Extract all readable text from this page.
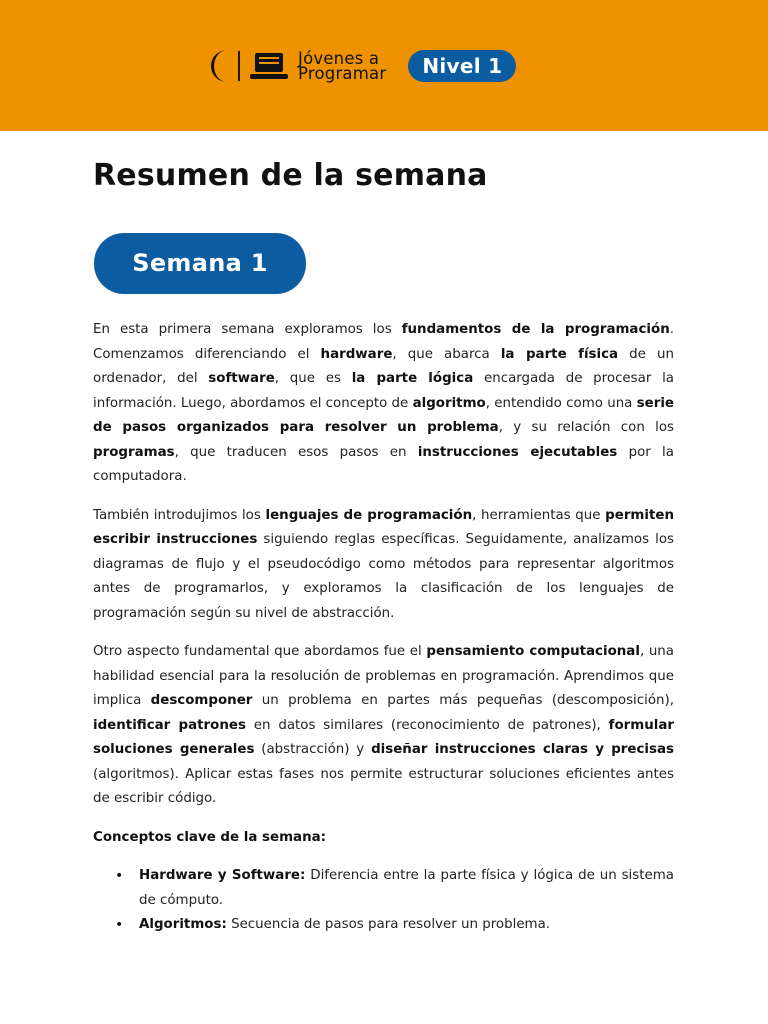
Jóvenes a
Programar	Nivel 1
Resumen de la semana
Semana 1

En esta primera semana exploramos los fundamentos de la programación. Comenzamos diferenciando el hardware, que abarca la parte física de un ordenador, del software, que es la parte lógica encargada de procesar la información. Luego, abordamos el concepto de algoritmo, entendido como una serie de pasos organizados para resolver un problema, y su relación con los programas, que traducen esos pasos en instrucciones ejecutables por la computadora.

También introdujimos los lenguajes de programación, herramientas que permiten escribir instrucciones siguiendo reglas específicas. Seguidamente, analizamos los diagramas de flujo y el pseudocódigo como métodos para representar algoritmos antes de programarlos, y exploramos la clasificación de los lenguajes de programación según su nivel de abstracción.

Otro aspecto fundamental que abordamos fue el pensamiento computacional, una habilidad esencial para la resolución de problemas en programación. Aprendimos que implica descomponer un problema en partes más pequeñas (descomposición), identificar patrones en datos similares (reconocimiento de patrones), formular soluciones generales (abstracción) y diseñar instrucciones claras y precisas (algoritmos). Aplicar estas fases nos permite estructurar soluciones eficientes antes de escribir código.

Conceptos clave de la semana:

• Hardware y Software: Diferencia entre la parte física y lógica de un sistema de cómputo.
• Algoritmos: Secuencia de pasos para resolver un problema.
